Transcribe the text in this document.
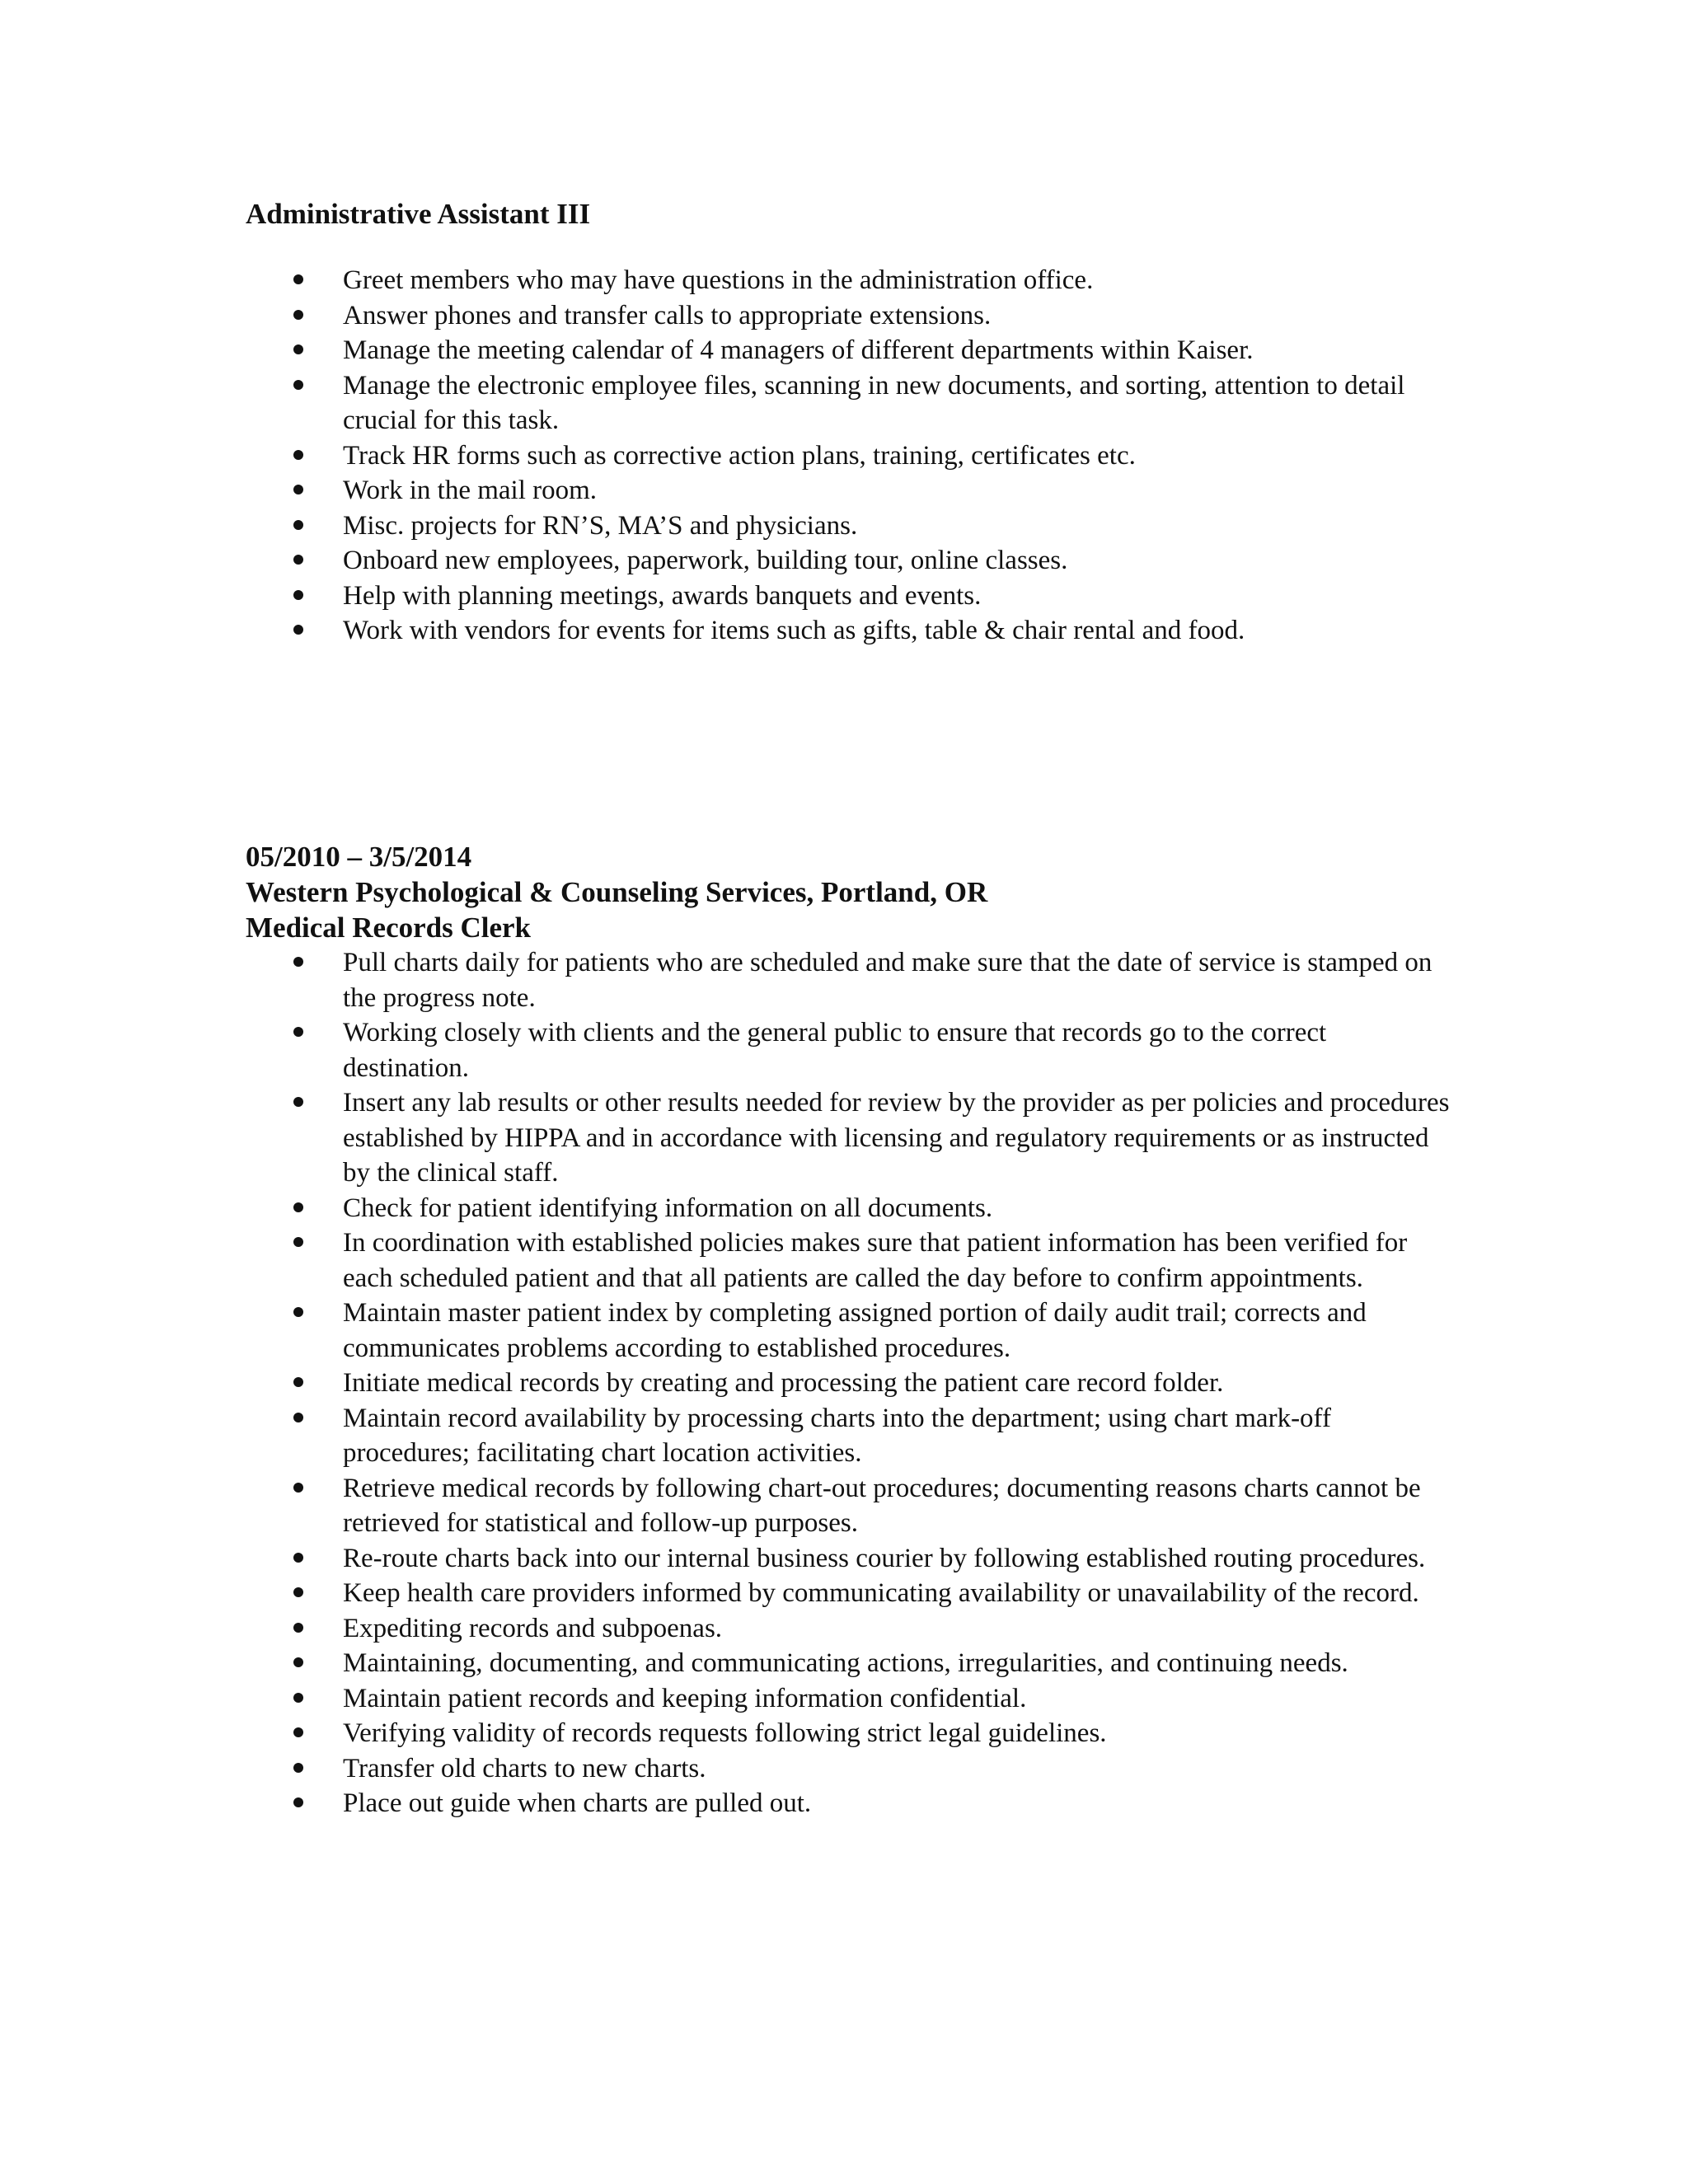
Administrative Assistant III

Greet members who may have questions in the administration office.
Answer phones and transfer calls to appropriate extensions.
Manage the meeting calendar of 4 managers of different departments within Kaiser.
Manage the electronic employee files, scanning in new documents, and sorting, attention to detail crucial for this task.
Track HR forms such as corrective action plans, training, certificates etc.
Work in the mail room.
Misc. projects for RN’S, MA’S and physicians.
Onboard new employees, paperwork, building tour, online classes.
Help with planning meetings, awards banquets and events.
Work with vendors for events for items such as gifts, table & chair rental and food.

05/2010 – 3/5/2014

Western Psychological & Counseling Services, Portland, OR

Medical Records Clerk

Pull charts daily for patients who are scheduled and make sure that the date of service is stamped on the progress note.
Working closely with clients and the general public to ensure that records go to the correct destination.
Insert any lab results or other results needed for review by the provider as per policies and procedures established by HIPPA and in accordance with licensing and regulatory requirements or as instructed by the clinical staff.
Check for patient identifying information on all documents.
In coordination with established policies makes sure that patient information has been verified for each scheduled patient and that all patients are called the day before to confirm appointments.
Maintain master patient index by completing assigned portion of daily audit trail; corrects and communicates problems according to established procedures.
Initiate medical records by creating and processing the patient care record folder.
Maintain record availability by processing charts into the department; using chart mark-off procedures; facilitating chart location activities.
Retrieve medical records by following chart-out procedures; documenting reasons charts cannot be retrieved for statistical and follow-up purposes.
Re-route charts back into our internal business courier by following established routing procedures.
Keep health care providers informed by communicating availability or unavailability of the record.
Expediting records and subpoenas.
Maintaining, documenting, and communicating actions, irregularities, and continuing needs.
Maintain patient records and keeping information confidential.
Verifying validity of records requests following strict legal guidelines.
Transfer old charts to new charts.
Place out guide when charts are pulled out.
